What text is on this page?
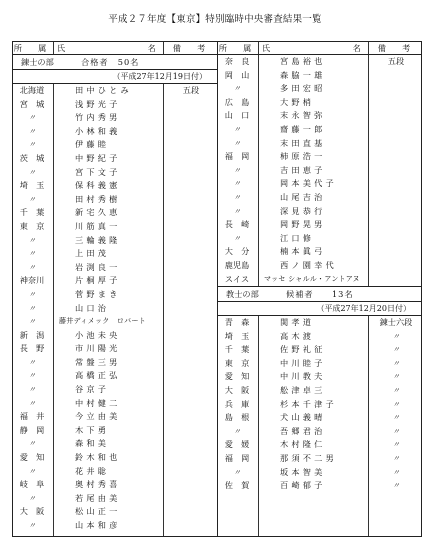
平成２７年度【東京】特別臨時中央審査結果一覧
所　属 氏　　名
備　考
錬士の部	合格者　50名
（平成27年12月19日付）
北海道	田中ひとみ	五段
宮　城	浅野光子
〃	竹内秀男
〃	小林和義
〃	伊藤睦
茨　城	中野紀子
〃	宮下文子
埼　玉	保科義憲
〃	田村秀樹
千　葉	新宅久恵
東　京	川筋真一
〃	三輪義隆
〃	上田茂
〃	岩渕良一
神奈川	片桐厚子
〃	菅野まき
〃	山口治
〃	藤井ディメック　ロバート
新　潟	小池未央
長　野	市川陽光
〃	常盤三男
〃	高橋正弘
〃	谷京子
〃	中村健二
福　井	今立由美
静　岡	木下勇
〃	森和美
愛　知	鈴木和也
〃	花井聡
岐　阜	奥村秀喜
〃	若尾由美
大　阪	松山正一
〃	山本和彦
所　属 氏　　名
備　考
奈　良	宮島裕也	五段
岡　山	森脇一雄
〃	多田宏昭
広　島	大野梢
山　口	末永智弥
〃	齋藤一郎
〃	末田直基
福　岡	柿原浩一
〃	吉田恵子
〃	岡本美代子
〃	山尾吉治
〃	深見恭行
長　崎	岡野晃男
〃	江口修
大　分	楠本眞弓
鹿児島	西ノ園幸代
スイス	マッセ シャルル・アントアヌ
教士の部	候補者　　13名
（平成27年12月20日付）
青　森	関孝道	錬士六段
埼　玉	高木渡	〃
千　葉	佐野礼征	〃
東　京	中川睦子	〃
愛　知	中川教夫	〃
大　阪	舩津卓三	〃
兵　庫	杉本千津子	〃
島　根	犬山義晴	〃
〃	吾郷君治	〃
愛　媛	木村隆仁	〃
福　岡	那須不二男	〃
〃	坂本智美	〃
佐　賀	百崎郁子	〃
